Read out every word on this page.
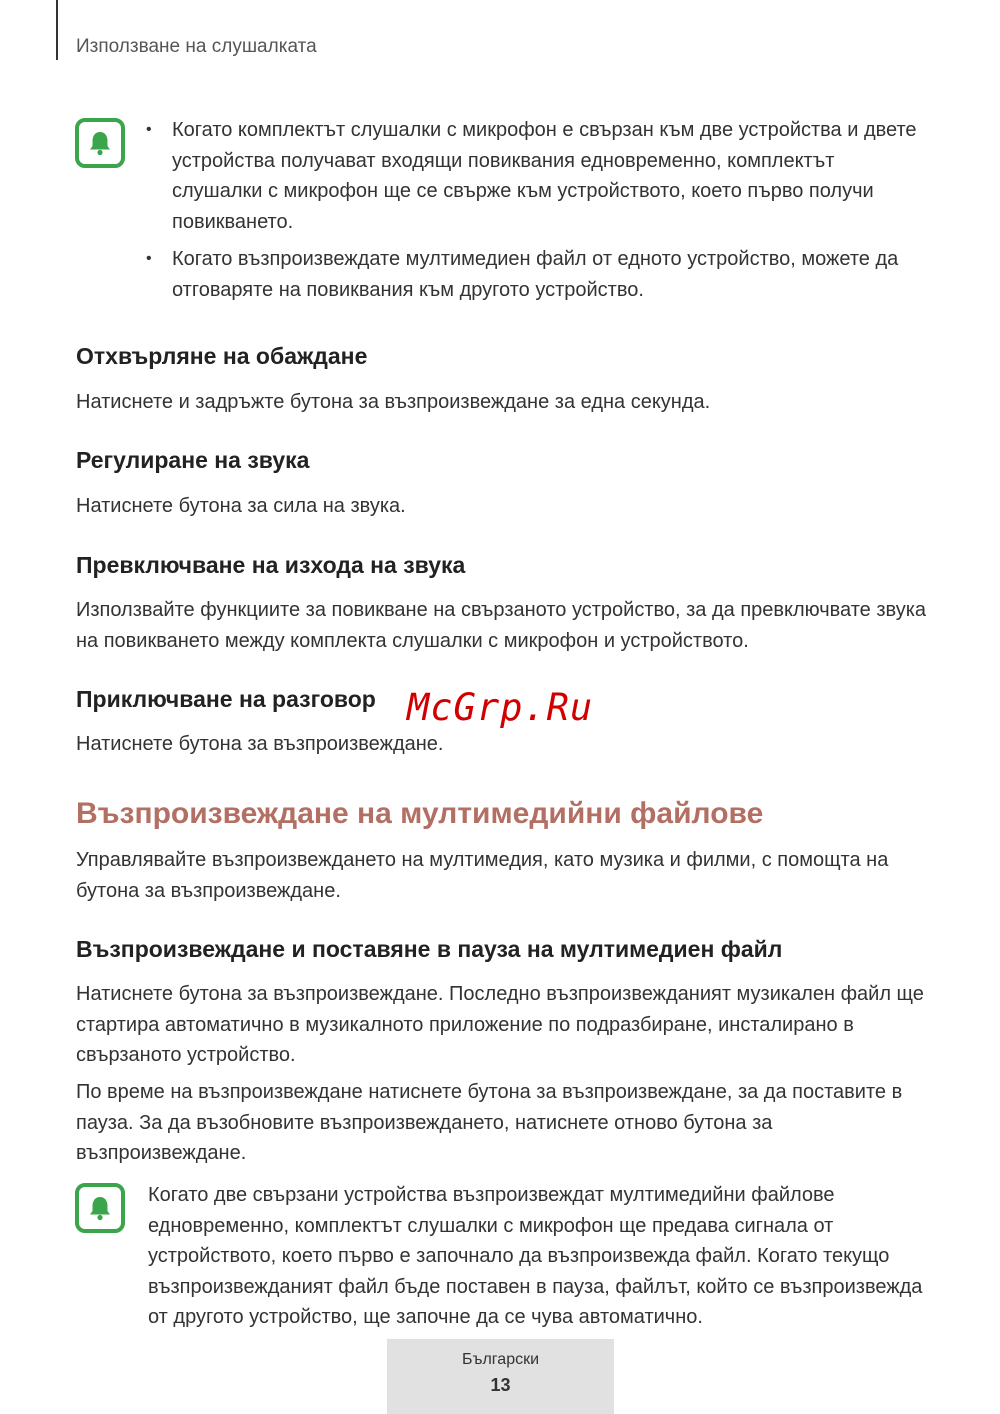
Използване на слушалката
• Когато комплектът слушалки с микрофон е свързан към две устройства и двете устройства получават входящи повиквания едновременно, комплектът слушалки с микрофон ще се свърже към устройството, което първо получи повикването.
• Когато възпроизвеждате мултимедиен файл от едното устройство, можете да отговаряте на повиквания към другото устройство.
Отхвърляне на обаждане
Натиснете и задръжте бутона за възпроизвеждане за една секунда.
Регулиране на звука
Натиснете бутона за сила на звука.
Превключване на изхода на звука
Използвайте функциите за повикване на свързаното устройство, за да превключвате звука на повикването между комплекта слушалки с микрофон и устройството.
Приключване на разговор McGrp.Ru
Натиснете бутона за възпроизвеждане.
Възпроизвеждане на мултимедийни файлове
Управлявайте възпроизвеждането на мултимедия, като музика и филми, с помощта на бутона за възпроизвеждане.
Възпроизвеждане и поставяне в пауза на мултимедиен файл
Натиснете бутона за възпроизвеждане. Последно възпроизвежданият музикален файл ще стартира автоматично в музикалното приложение по подразбиране, инсталирано в свързаното устройство.
По време на възпроизвеждане натиснете бутона за възпроизвеждане, за да поставите в пауза. За да възобновите възпроизвеждането, натиснете отново бутона за възпроизвеждане.
Когато две свързани устройства възпроизвеждат мултимедийни файлове едновременно, комплектът слушалки с микрофон ще предава сигнала от устройството, което първо е започнало да възпроизвежда файл. Когато текущо възпроизвежданият файл бъде поставен в пауза, файлът, който се възпроизвежда от другото устройство, ще започне да се чува автоматично.
Български
13
